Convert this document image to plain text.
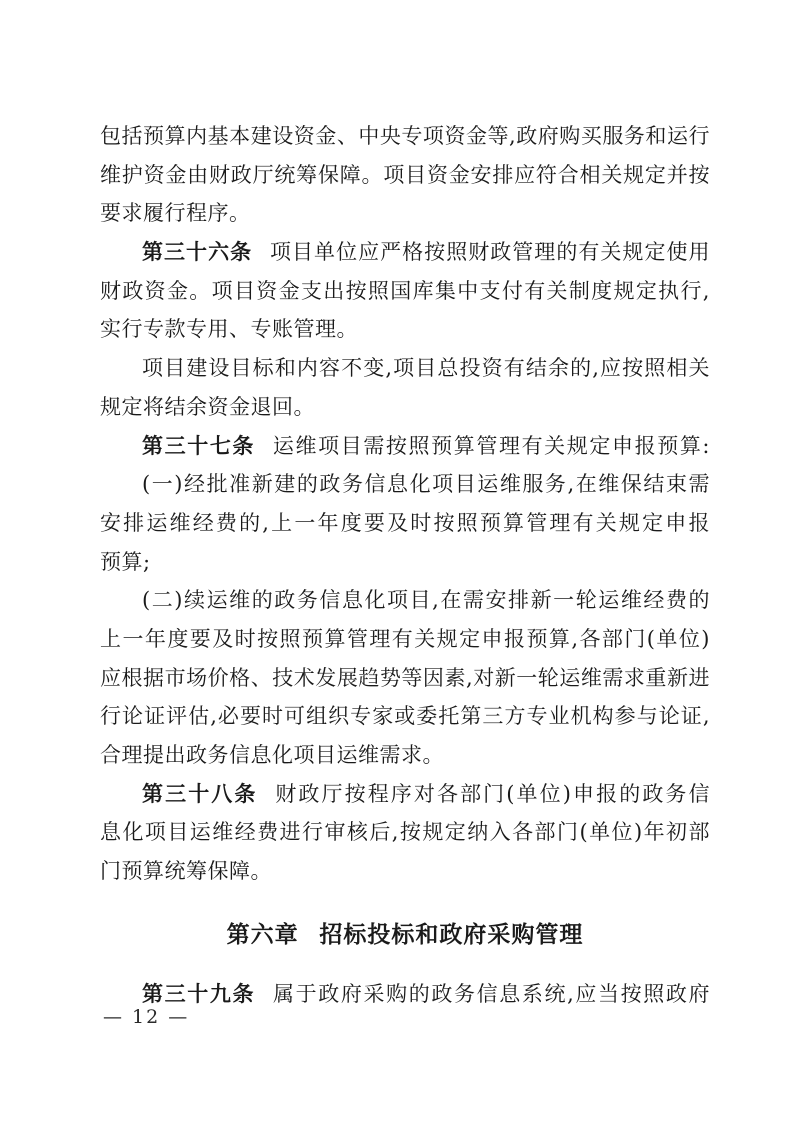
包括预算内基本建设资金、中央专项资金等,政府购买服务和运行
维护资金由财政厅统筹保障。项目资金安排应符合相关规定并按
要求履行程序。
第三十六条 项目单位应严格按照财政管理的有关规定使用
财政资金。项目资金支出按照国库集中支付有关制度规定执行,
实行专款专用、专账管理。
项目建设目标和内容不变,项目总投资有结余的,应按照相关
规定将结余资金退回。
第三十七条 运维项目需按照预算管理有关规定申报预算:
(一)经批准新建的政务信息化项目运维服务,在维保结束需
安排运维经费的,上一年度要及时按照预算管理有关规定申报
预算;
(二)续运维的政务信息化项目,在需安排新一轮运维经费的
上一年度要及时按照预算管理有关规定申报预算,各部门(单位)
应根据市场价格、技术发展趋势等因素,对新一轮运维需求重新进
行论证评估,必要时可组织专家或委托第三方专业机构参与论证,
合理提出政务信息化项目运维需求。
第三十八条 财政厅按程序对各部门(单位)申报的政务信
息化项目运维经费进行审核后,按规定纳入各部门(单位)年初部
门预算统筹保障。
第六章 招标投标和政府采购管理
第三十九条 属于政府采购的政务信息系统,应当按照政府
— 12 —
